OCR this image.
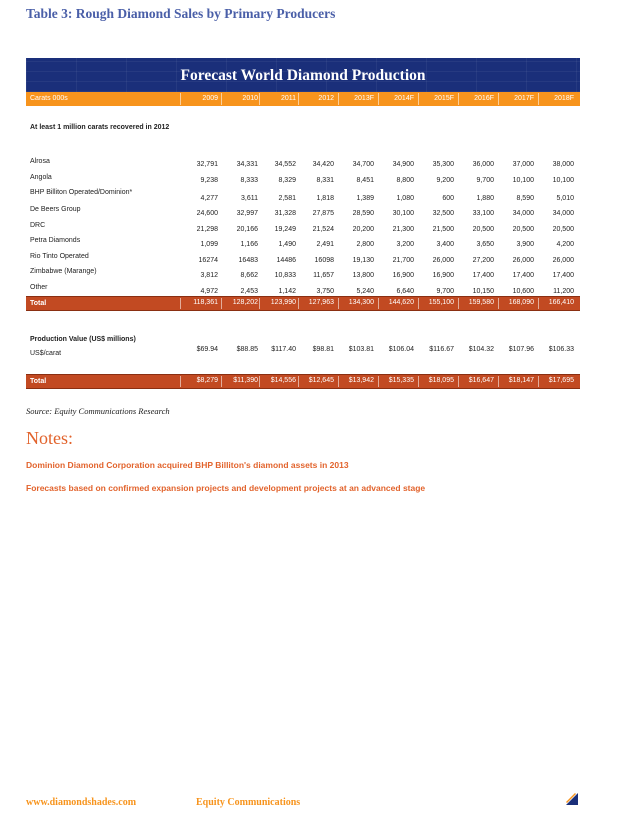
Table 3: Rough Diamond Sales by Primary Producers
Forecast World Diamond Production
Carats 000s	2009	2010	2011	2012	2013F	2014F	2015F	2016F	2017F	2018F
At least 1 million carats recovered in 2012
Alrosa	32,791	34,331	34,552	34,420	34,700	34,900	35,300	36,000	37,000	38,000
Angola	9,238	8,333	8,329	8,331	8,451	8,800	9,200	9,700	10,100	10,100
BHP Billiton Operated/Dominion*
4,277	3,611	2,581	1,818	1,389	1,080	600	1,880	8,590	5,010
De Beers Group
24,600	32,997	31,328	27,875	28,590	30,100	32,500	33,100	34,000	34,000
DRC
21,298	20,166	19,249	21,524	20,200	21,300	21,500	20,500	20,500	20,500
Petra Diamonds
1,099	1,166	1,490	2,491	2,800	3,200	3,400	3,650	3,900	4,200
Rio Tinto Operated
16274	16483	14486	16098	19,130	21,700	26,000	27,200	26,000	26,000
Zimbabwe (Marange)
3,812	8,662	10,833	11,657	13,800	16,900	16,900	17,400	17,400	17,400
Other
4,972	2,453	1,142	3,750	5,240	6,640	9,700	10,150	10,600	11,200
Total	118,361	128,202	123,990	127,963	134,300	144,620	155,100	159,580	168,090	166,410
Production Value (US$ millions)
US$/carat
$69.94	$88.85	$117.40	$98.81	$103.81	$106.04	$116.67	$104.32	$107.96	$106.33
Total	$8,279	$11,390	$14,556	$12,645	$13,942	$15,335	$18,095	$16,647	$18,147	$17,695
Source: Equity Communications Research
Notes:
Dominion Diamond Corporation acquired BHP Billiton's diamond assets in 2013
Forecasts based on confirmed expansion projects and development projects at an advanced stage
www.diamondshades.com	Equity Communications
